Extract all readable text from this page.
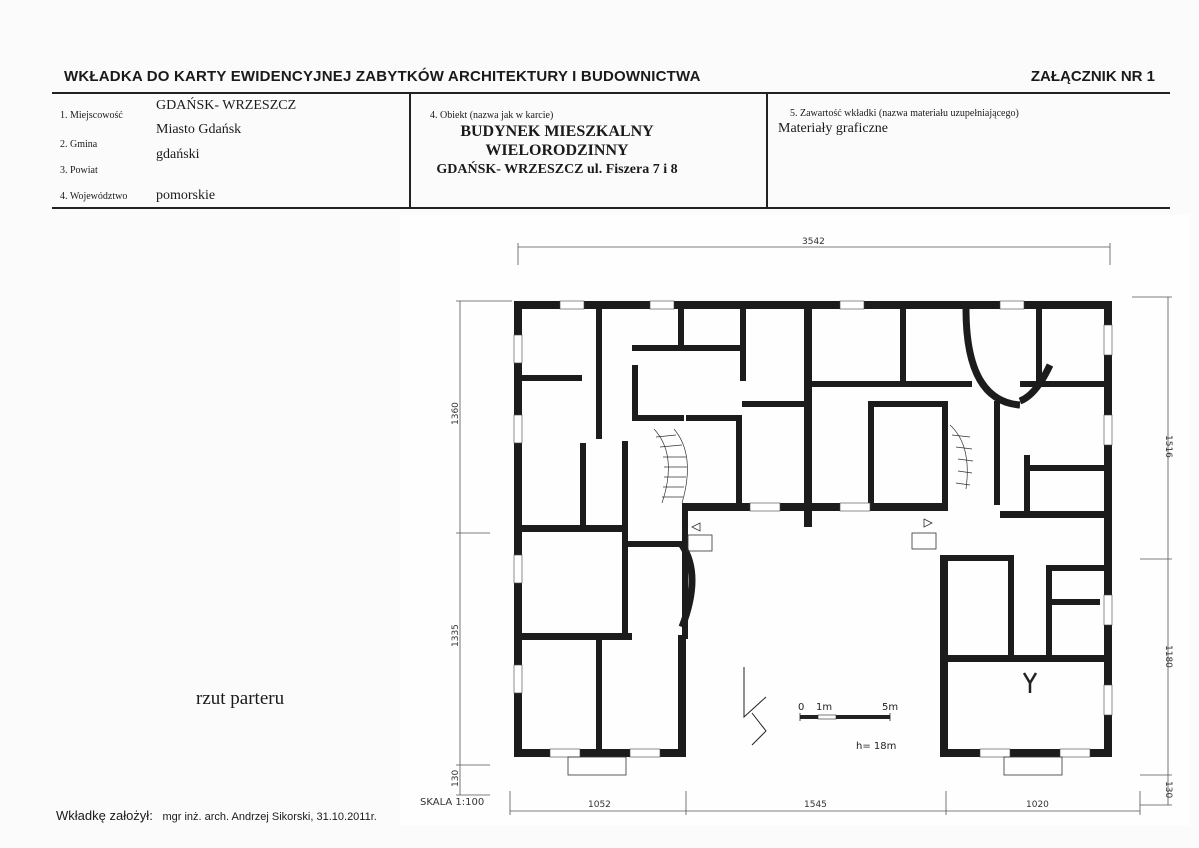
WKŁADKA DO KARTY EWIDENCYJNEJ ZABYTKÓW ARCHITEKTURY I BUDOWNICTWA	ZAŁĄCZNIK NR 1
1. Miejscowość
GDAŃSK- WRZESZCZ
2. Gmina
Miasto Gdańsk
3. Powiat
gdański
4. Województwo pomorskie
4. Obiekt (nazwa jak w karcie)
BUDYNEK MIESZKALNY
WIELORODZINNY
GDAŃSK- WRZESZCZ ul. Fiszera 7 i 8
5. Zawartość wkładki (nazwa materiału uzupełniającego)
Materiały graficzne
rzut parteru
3542
1360
1335
130
1516
1180
130
1052	1545	1020
SKALA 1:100
0 1m	5m
h= 18m
Wkładkę założył: mgr inż. arch. Andrzej Sikorski, 31.10.2011r.
